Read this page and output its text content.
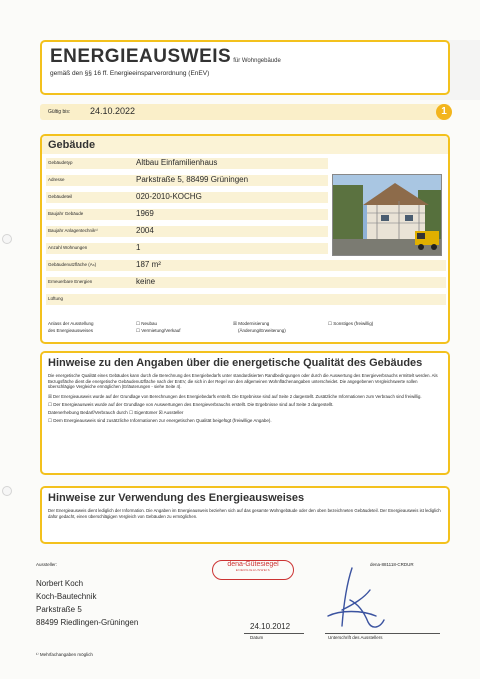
ENERGIEAUSWEIS für Wohngebäude
gemäß den §§ 16 ff. Energieeinsparverordnung (EnEV)
Gültig bis: 24.10.2022	1
Gebäude
Gebäudetyp	Altbau Einfamilienhaus
Adresse	Parkstraße 5, 88499 Grüningen
Gebäudeteil	020-2010-KOCHG
Baujahr Gebäude	1969
Baujahr Anlagentechnik¹⁾	2004
Anzahl Wohnungen	1
Gebäudenutzfläche (Aₙ)	187 m²
Erneuerbare Energien	keine
Lüftung
Anlass der Ausstellung
des Energieausweises
☐ Neubau
☐ Vermietung/Verkauf
☒ Modernisierung
(Änderung/Erweiterung)
☐ Sonstiges (freiwillig)
Hinweise zu den Angaben über die energetische Qualität des Gebäudes
Die energetische Qualität eines Gebäudes kann durch die Berechnung des Energiebedarfs unter standardisierten Randbedingungen oder durch die Auswertung des Energieverbrauchs ermittelt werden. Als Bezugsfläche dient die energetische Gebäudenutzfläche nach der EnEV, die sich in der Regel von den allgemeinen Wohnflächenangaben unterscheidet. Die angegebenen Vergleichswerte sollen überschlägige Vergleiche ermöglichen (Erläuterungen - siehe Seite 4).
☒ Der Energieausweis wurde auf der Grundlage von Berechnungen des Energiebedarfs erstellt. Die Ergebnisse sind auf Seite 2 dargestellt. Zusätzliche Informationen zum Verbrauch sind freiwillig.
☐ Der Energieausweis wurde auf der Grundlage von Auswertungen des Energieverbrauchs erstellt. Die Ergebnisse sind auf Seite 3 dargestellt.
Datenerhebung Bedarf/Verbrauch durch ☐ Eigentümer ☒ Aussteller
☐ Dem Energieausweis sind zusätzliche Informationen zur energetischen Qualität beigefügt (freiwillige Angabe).
Hinweise zur Verwendung des Energieausweises
Der Energieausweis dient lediglich der Information. Die Angaben im Energieausweis beziehen sich auf das gesamte Wohngebäude oder den oben bezeichneten Gebäudeteil. Der Energieausweis ist lediglich dafür gedacht, einen überschlägigen Vergleich von Gebäuden zu ermöglichen.
Aussteller:	dena-Gütesiegel
ENERGIEAUSWEIS
dena-881118-CRDUR
Norbert Koch
Koch-Bautechnik
Parkstraße 5
88499 Riedlingen-Grüningen	24.10.2012
Datum	Unterschrift des Ausstellers
¹⁾ Mehrfachangaben möglich
